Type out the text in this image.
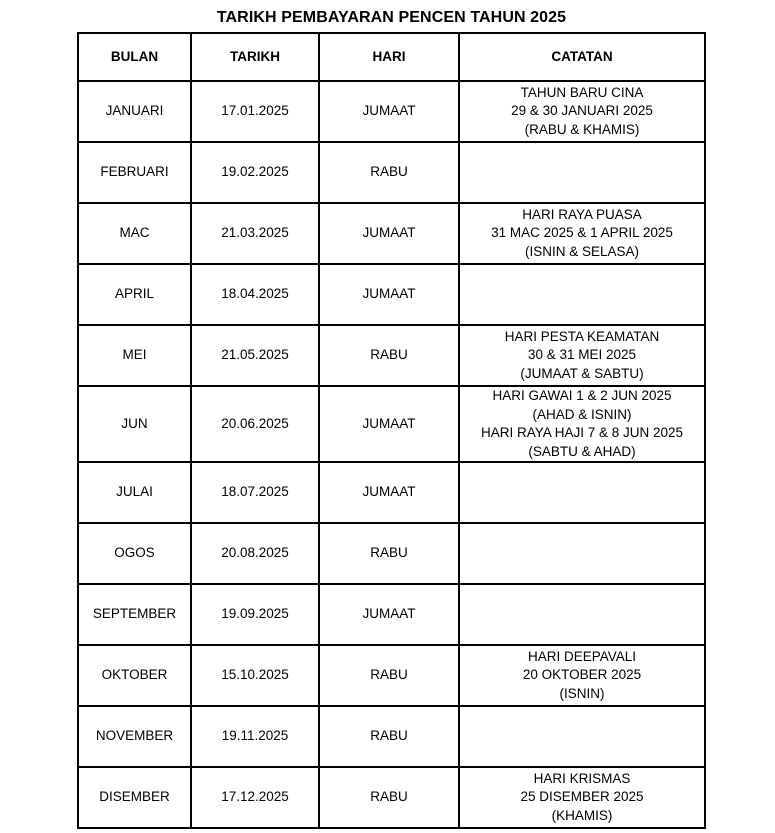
TARIKH PEMBAYARAN PENCEN TAHUN 2025
BULAN	TARIKH	HARI	CATATAN
JANUARI	17.01.2025	JUMAAT	TAHUN BARU CINA
29 & 30 JANUARI 2025
(RABU & KHAMIS)

FEBRUARI	19.02.2025	RABU	
MAC	21.03.2025	JUMAAT	HARI RAYA PUASA
31 MAC 2025 & 1 APRIL 2025
(ISNIN & SELASA)

APRIL	18.04.2025	JUMAAT	
MEI	21.05.2025	RABU	HARI PESTA KEAMATAN
30 & 31 MEI 2025
(JUMAAT & SABTU)

JUN	20.06.2025	JUMAAT	HARI GAWAI 1 & 2 JUN 2025
(AHAD & ISNIN)
HARI RAYA HAJI 7 & 8 JUN 2025
(SABTU & AHAD)

JULAI	18.07.2025	JUMAAT	
OGOS	20.08.2025	RABU	
SEPTEMBER	19.09.2025	JUMAAT	
OKTOBER	15.10.2025	RABU	HARI DEEPAVALI
20 OKTOBER 2025
(ISNIN)

NOVEMBER	19.11.2025	RABU	
DISEMBER	17.12.2025	RABU	HARI KRISMAS
25 DISEMBER 2025
(KHAMIS)
